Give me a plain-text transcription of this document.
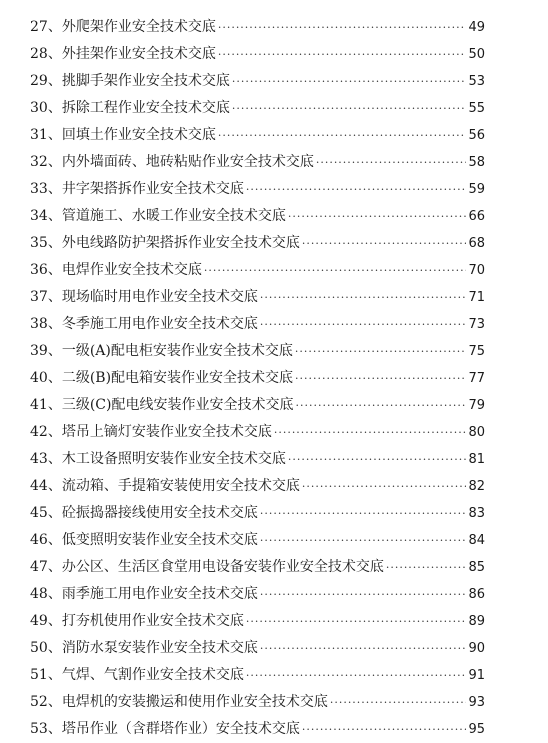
27 、 外爬架作业安全技术交底 ·····	49
28 、 外挂架作业安全技术交底 ·····	50
29 、 挑脚手架作业安全技术交底 ·····	53
30 、 拆除工程作业安全技术交底 ·····	55
31 、 回填土作业安全技术交底 ·····	56
32 、 内外墙面砖、地砖粘贴作业安全技术交底 ·····	58
33 、 井字架搭拆作业安全技术交底 ·····	59
34 、 管道施工、水暖工作业安全技术交底 ·····	66
35 、 外电线路防护架搭拆作业安全技术交底 ·····	68
36 、 电焊作业安全技术交底 ·····	70
37 、 现场临时用电作业安全技术交底 ·····	71
38 、 冬季施工用电作业安全技术交底 ·····	73
39 、 一级(A)配电柜安装作业安全技术交底 ·····	75
40 、 二级(B)配电箱安装作业安全技术交底 ·····	77
41 、 三级(C)配电线安装作业安全技术交底 ·····	79
42 、 塔吊上镝灯安装作业安全技术交底 ·····	80
43 、 木工设备照明安装作业安全技术交底 ·····	81
44 、 流动箱、手提箱安装使用安全技术交底 ·····	82
45 、 砼振捣器接线使用安全技术交底 ·····	83
46 、 低变照明安装作业安全技术交底 ·····	84
47 、 办公区、生活区食堂用电设备安装作业安全技术交底 ·····	85
48 、 雨季施工用电作业安全技术交底 ·····	86
49 、 打夯机使用作业安全技术交底 ·····	89
50 、 消防水泵安装作业安全技术交底 ·····	90
51 、 气焊、气割作业安全技术交底 ·····	91
52 、 电焊机的安装搬运和使用作业安全技术交底 ·····	93
53 、 塔吊作业（含群塔作业）安全技术交底 ·····	95
